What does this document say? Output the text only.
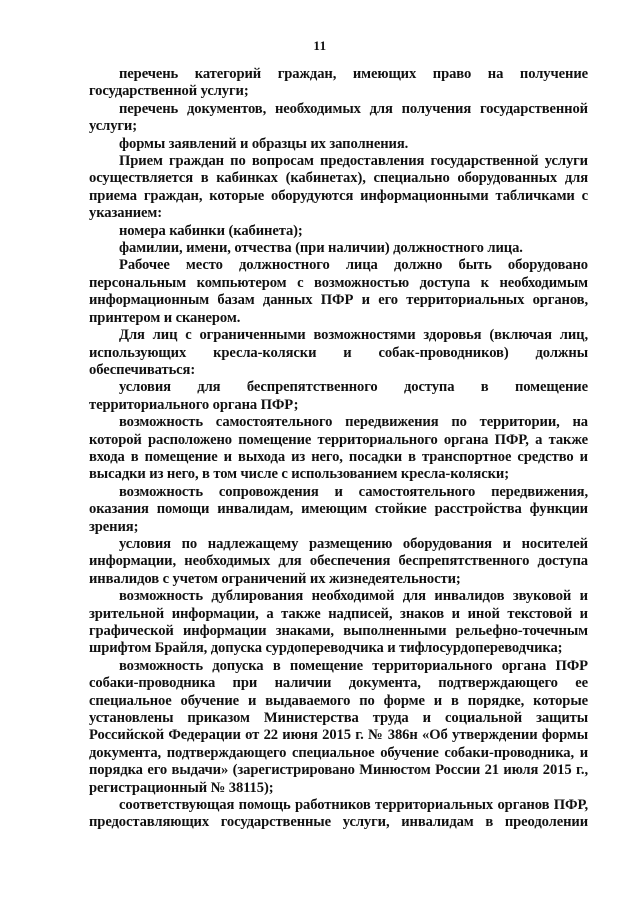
11

перечень категорий граждан, имеющих право на получение государственной услуги;

перечень документов, необходимых для получения государственной услуги;

формы заявлений и образцы их заполнения.

Прием граждан по вопросам предоставления государственной услуги осуществляется в кабинках (кабинетах), специально оборудованных для приема граждан, которые оборудуются информационными табличками с указанием:

номера кабинки (кабинета);

фамилии, имени, отчества (при наличии) должностного лица.

Рабочее место должностного лица должно быть оборудовано персональным компьютером с возможностью доступа к необходимым информационным базам данных ПФР и его территориальных органов, принтером и сканером.

Для лиц с ограниченными возможностями здоровья (включая лиц, использующих кресла-коляски и собак-проводников) должны обеспечиваться:

условия для беспрепятственного доступа в помещение территориального органа ПФР;

возможность самостоятельного передвижения по территории, на которой расположено помещение территориального органа ПФР, а также входа в помещение и выхода из него, посадки в транспортное средство и высадки из него, в том числе с использованием кресла-коляски;

возможность сопровождения и самостоятельного передвижения, оказания помощи инвалидам, имеющим стойкие расстройства функции зрения;

условия по надлежащему размещению оборудования и носителей информации, необходимых для обеспечения беспрепятственного доступа инвалидов с учетом ограничений их жизнедеятельности;

возможность дублирования необходимой для инвалидов звуковой и зрительной информации, а также надписей, знаков и иной текстовой и графической информации знаками, выполненными рельефно-точечным шрифтом Брайля, допуска сурдопереводчика и тифлосурдопереводчика;

возможность допуска в помещение территориального органа ПФР собаки-проводника при наличии документа, подтверждающего ее специальное обучение и выдаваемого по форме и в порядке, которые установлены приказом Министерства труда и социальной защиты Российской Федерации от 22 июня 2015 г. № 386н «Об утверждении формы документа, подтверждающего специальное обучение собаки-проводника, и порядка его выдачи» (зарегистрировано Минюстом России 21 июля 2015 г., регистрационный № 38115);

соответствующая помощь работников территориальных органов ПФР, предоставляющих государственные услуги, инвалидам в преодолении
